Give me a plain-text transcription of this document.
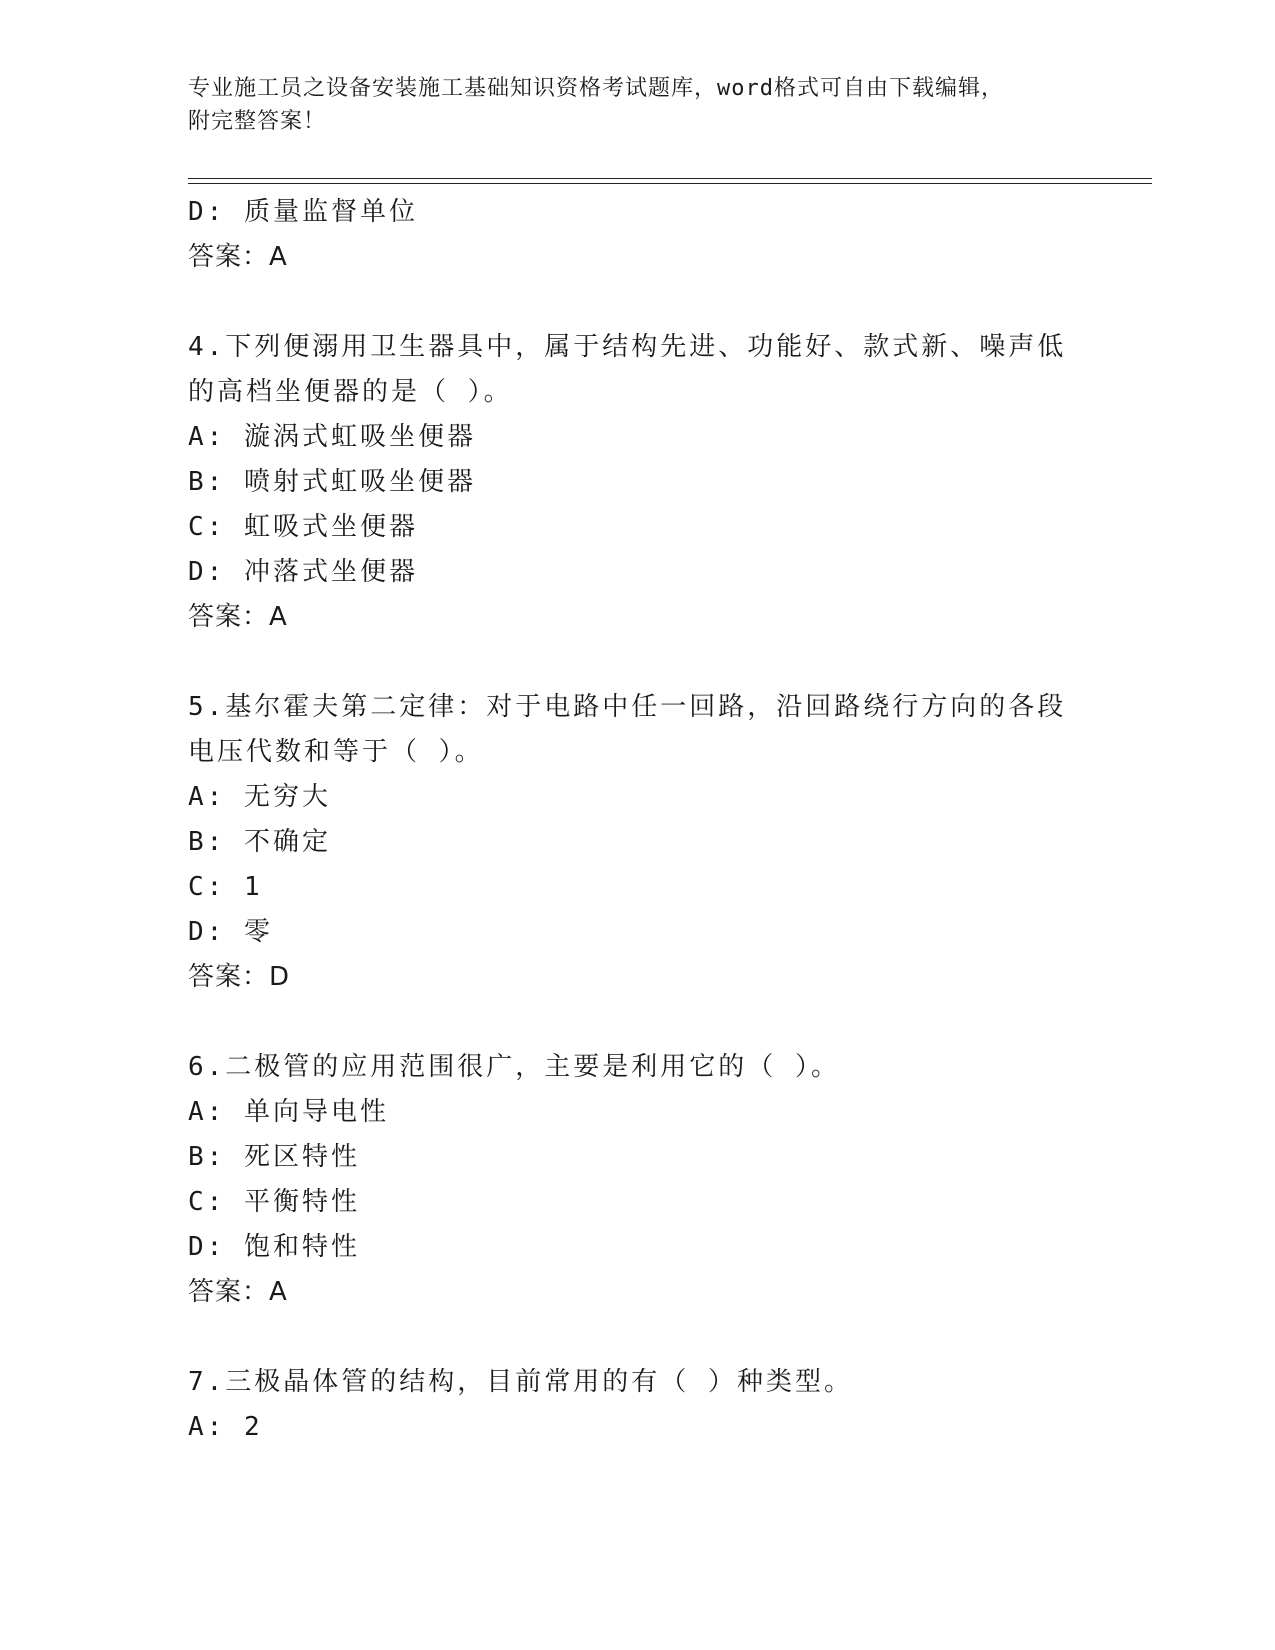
专业施工员之设备安装施工基础知识资格考试题库，word格式可自由下载编辑，
附完整答案！
D: 质量监督单位
答案：A
4.下列便溺用卫生器具中，属于结构先进、功能好、款式新、噪声低
的高档坐便器的是（ ）。
A: 漩涡式虹吸坐便器
B: 喷射式虹吸坐便器
C: 虹吸式坐便器
D: 冲落式坐便器
答案：A
5.基尔霍夫第二定律：对于电路中任一回路，沿回路绕行方向的各段
电压代数和等于（ ）。
A: 无穷大
B: 不确定
C: 1
D: 零
答案：D
6.二极管的应用范围很广，主要是利用它的（ ）。
A: 单向导电性
B: 死区特性
C: 平衡特性
D: 饱和特性
答案：A
7.三极晶体管的结构，目前常用的有（ ）种类型。
A: 2
